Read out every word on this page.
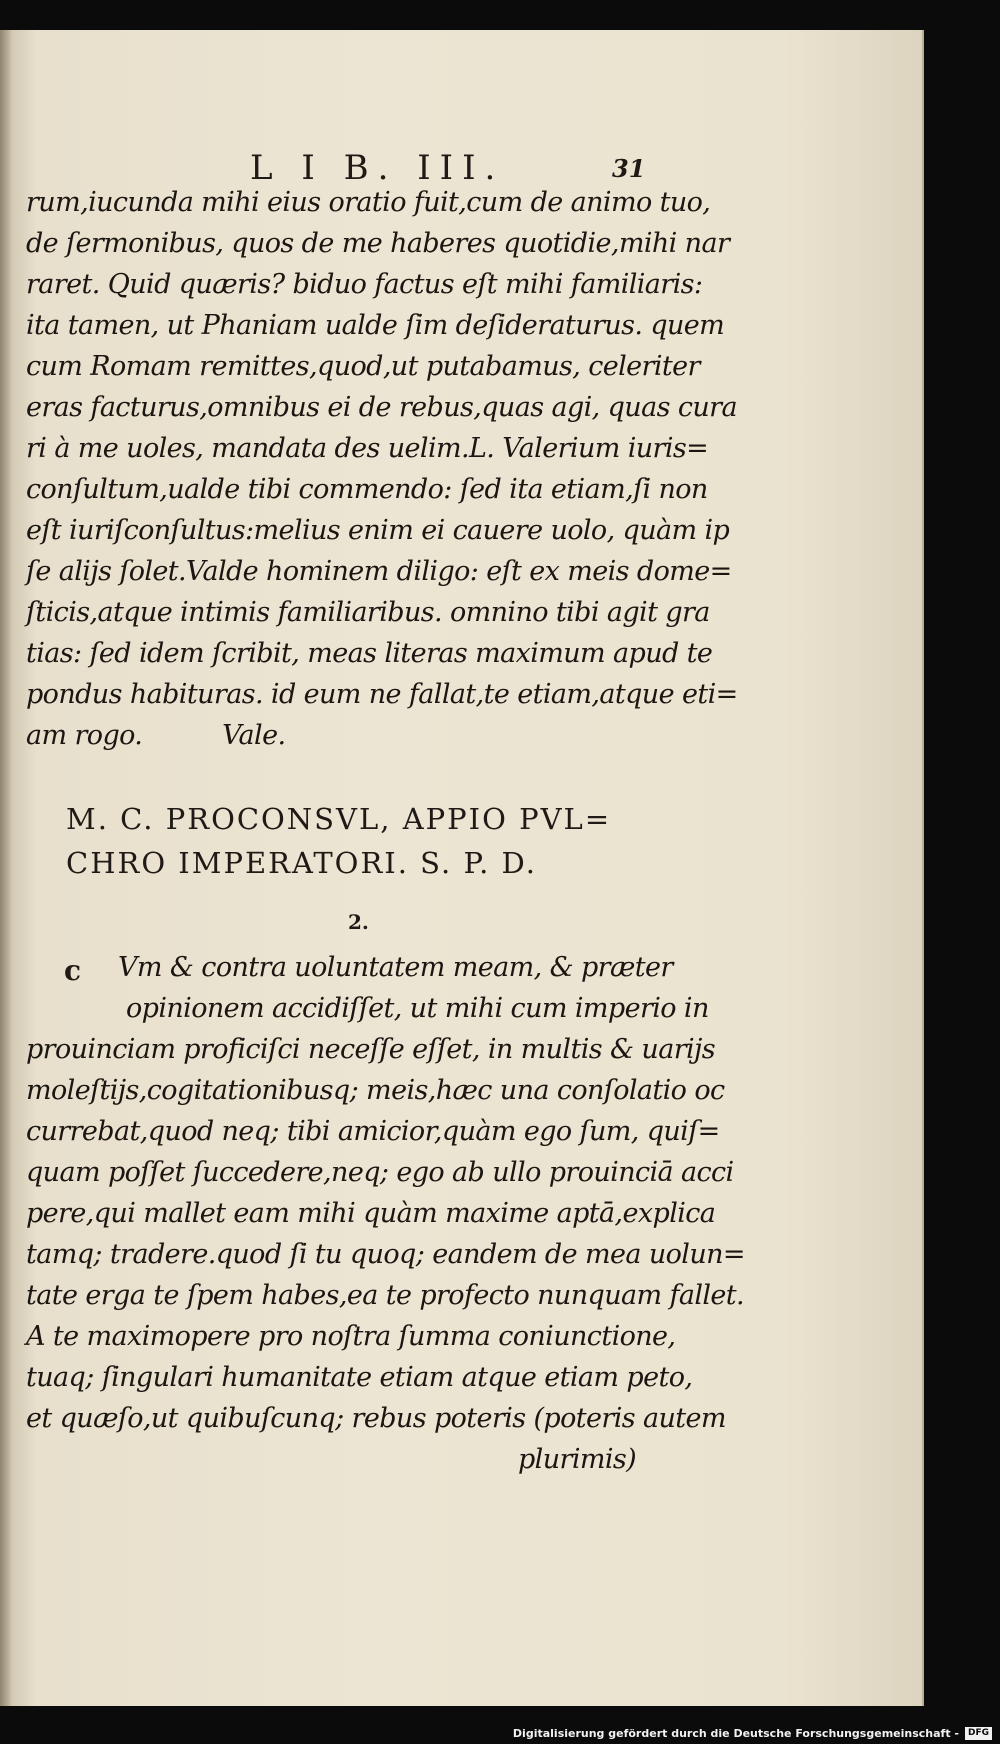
L I B. III.	31
rum,iucunda mihi eius oratio fuit,cum de animo tuo,
de ſermonibus, quos de me haberes quotidie,mihi nar
raret. Quid quæris? biduo factus eſt mihi familiaris:
ita tamen, ut Phaniam ualde ſim deſideraturus. quem
cum Romam remittes,quod,ut putabamus, celeriter
eras facturus,omnibus ei de rebus,quas agi, quas cura
ri à me uoles, mandata des uelim.L. Valerium iuris=
conſultum,ualde tibi commendo: ſed ita etiam,ſi non
eſt iuriſconſultus:melius enim ei cauere uolo, quàm ip
ſe alijs ſolet.Valde hominem diligo: eſt ex meis dome=
ſticis,atque intimis familiaribus. omnino tibi agit gra
tias: ſed idem ſcribit, meas literas maximum apud te
pondus habituras. id eum ne fallat,te etiam,atque eti=
am rogo.          Vale.
M. C. PROCONSVL, APPIO PVL=
CHRO IMPERATORI. S. P. D.
2.
c Vm & contra uoluntatem meam, & præter
opinionem accidiſſet, ut mihi cum imperio in
prouinciam proficiſci neceſſe eſſet, in multis & uarijs
moleſtijs,cogitationibusq; meis,hæc una conſolatio oc
currebat,quod neq; tibi amicior,quàm ego ſum, quiſ=
quam poſſet ſuccedere,neq; ego ab ullo prouinciā acci
pere,qui mallet eam mihi quàm maxime aptā,explica
tamq; tradere.quod ſi tu quoq; eandem de mea uolun=
tate erga te ſpem habes,ea te profecto nunquam fallet.
A te maximopere pro noſtra ſumma coniunctione,
tuaq; ſingulari humanitate etiam atque etiam peto,
et quæſo,ut quibuſcunq; rebus poteris (poteris autem
plurimis)
Digitalisierung gefördert durch die Deutsche Forschungsgemeinschaft -	DFG
